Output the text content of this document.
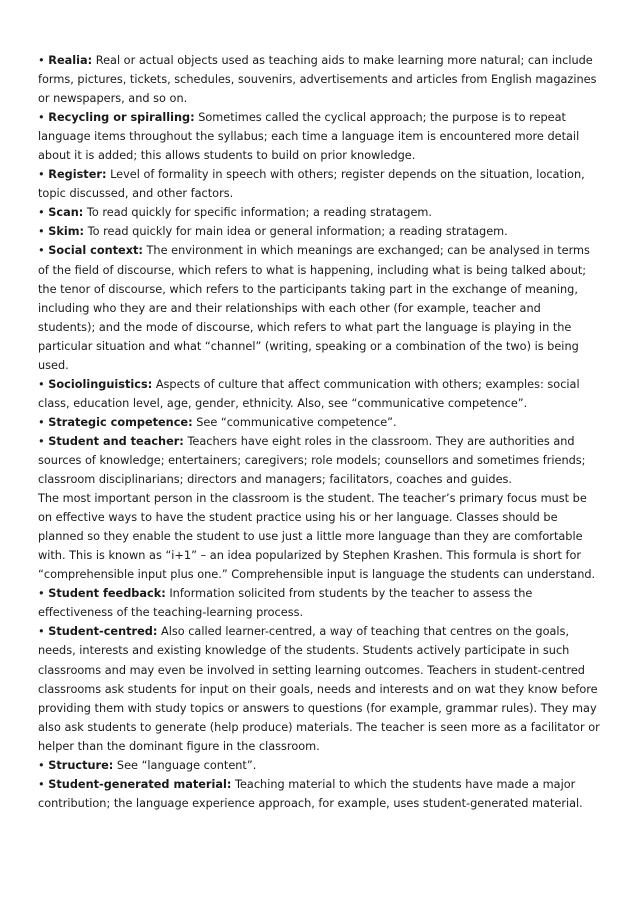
• Realia: Real or actual objects used as teaching aids to make learning more natural; can include forms, pictures, tickets, schedules, souvenirs, advertisements and articles from English magazines or newspapers, and so on.

• Recycling or spiralling: Sometimes called the cyclical approach; the purpose is to repeat language items throughout the syllabus; each time a language item is encountered more detail about it is added; this allows students to build on prior knowledge.

• Register: Level of formality in speech with others; register depends on the situation, location, topic discussed, and other factors.

• Scan: To read quickly for specific information; a reading stratagem.

• Skim: To read quickly for main idea or general information; a reading stratagem.

• Social context: The environment in which meanings are exchanged; can be analysed in terms of the field of discourse, which refers to what is happening, including what is being talked about; the tenor of discourse, which refers to the participants taking part in the exchange of meaning, including who they are and their relationships with each other (for example, teacher and students); and the mode of discourse, which refers to what part the language is playing in the particular situation and what “channel” (writing, speaking or a combination of the two) is being used.

• Sociolinguistics: Aspects of culture that affect communication with others; examples: social class, education level, age, gender, ethnicity. Also, see “communicative competence”.

• Strategic competence: See “communicative competence”.

• Student and teacher: Teachers have eight roles in the classroom. They are authorities and sources of knowledge; entertainers; caregivers; role models; counsellors and sometimes friends; classroom disciplinarians; directors and managers; facilitators, coaches and guides.

The most important person in the classroom is the student. The teacher’s primary focus must be on effective ways to have the student practice using his or her language. Classes should be planned so they enable the student to use just a little more language than they are comfortable with. This is known as “i+1” – an idea popularized by Stephen Krashen. This formula is short for “comprehensible input plus one.” Comprehensible input is language the students can understand.

• Student feedback: Information solicited from students by the teacher to assess the effectiveness of the teaching-learning process.

• Student-centred: Also called learner-centred, a way of teaching that centres on the goals, needs, interests and existing knowledge of the students. Students actively participate in such classrooms and may even be involved in setting learning outcomes. Teachers in student-centred classrooms ask students for input on their goals, needs and interests and on wat they know before providing them with study topics or answers to questions (for example, grammar rules). They may also ask students to generate (help produce) materials. The teacher is seen more as a facilitator or helper than the dominant figure in the classroom.

• Structure: See “language content”.

• Student-generated material: Teaching material to which the students have made a major contribution; the language experience approach, for example, uses student-generated material.
